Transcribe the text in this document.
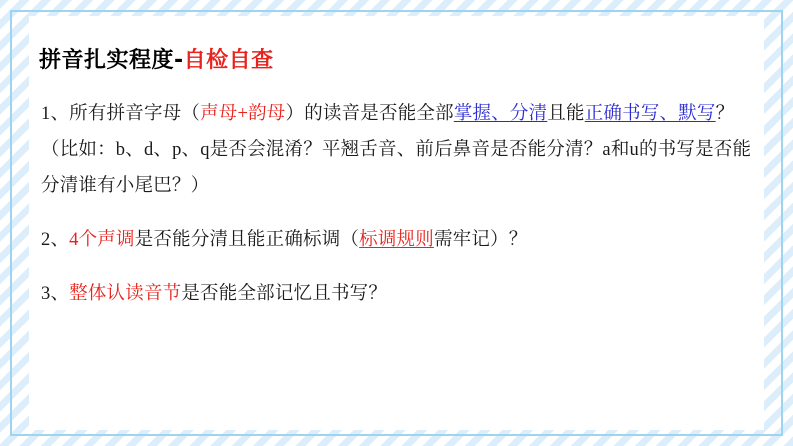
拼音扎实程度- 自检自查

1、所有拼音字母（声母+韵母）的读音是否能全部掌握、分清且能正确书写、默写？（比如：b、d、p、q是否会混淆？平翘舌音、前后鼻音是否能分清？a和u的书写是否能分清谁有小尾巴？）

2、4个声调是否能分清且能正确标调（标调规则需牢记）？

3、整体认读音节是否能全部记忆且书写？
